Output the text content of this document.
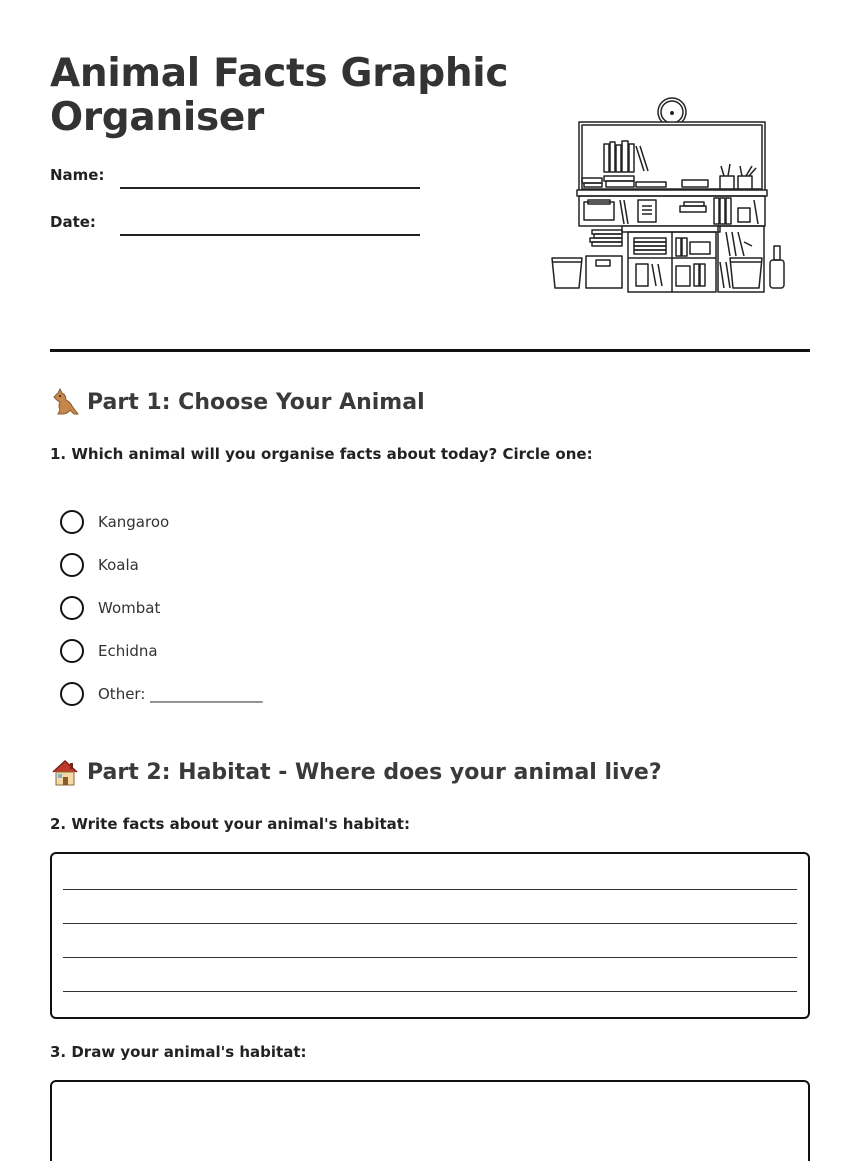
Animal Facts Graphic
Organiser
Name:
Date:
Part 1: Choose Your Animal
1. Which animal will you organise facts about today? Circle one:
Kangaroo
Koala
Wombat
Echidna
Other: _______________
Part 2: Habitat - Where does your animal live?
2. Write facts about your animal's habitat:
3. Draw your animal's habitat:
